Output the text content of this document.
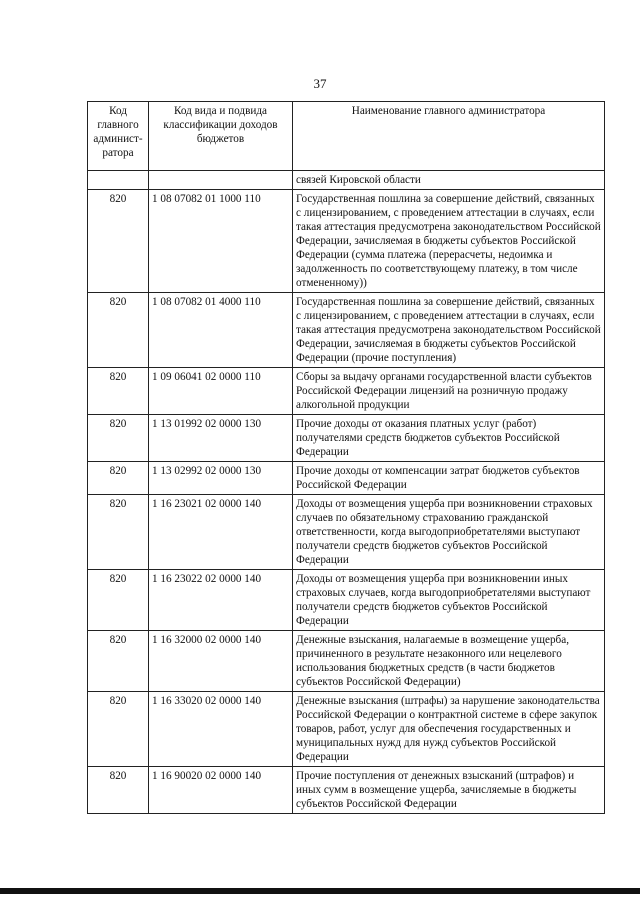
37
Код главного админист-ратора	Код вида и подвида классификации доходов бюджетов	Наименование главного администратора
		связей Кировской области
820	1 08 07082 01 1000 110	Государственная пошлина за совершение действий, связанных с лицензированием, с проведением аттестации в случаях, если такая аттестация предусмотрена законодательством Российской Федерации, зачисляемая в бюджеты субъектов Российской Федерации (сумма платежа (перерасчеты, недоимка и задолженность по соответствующему платежу, в том числе отмененному))
820	1 08 07082 01 4000 110	Государственная пошлина за совершение действий, связанных с лицензированием, с проведением аттестации в случаях, если такая аттестация предусмотрена законодательством Российской Федерации, зачисляемая в бюджеты субъектов Российской Федерации (прочие поступления)
820	1 09 06041 02 0000 110	Сборы за выдачу органами государственной власти субъектов Российской Федерации лицензий на розничную продажу алкогольной продукции
820	1 13 01992 02 0000 130	Прочие доходы от оказания платных услуг (работ) получателями средств бюджетов субъектов Российской Федерации
820	1 13 02992 02 0000 130	Прочие доходы от компенсации затрат бюджетов субъектов Российской Федерации
820	1 16 23021 02 0000 140	Доходы от возмещения ущерба при возникновении страховых случаев по обязательному страхованию гражданской ответственности, когда выгодоприобретателями выступают получатели средств бюджетов субъектов Российской Федерации
820	1 16 23022 02 0000 140	Доходы от возмещения ущерба при возникновении иных страховых случаев, когда выгодоприобретателями выступают получатели средств бюджетов субъектов Российской Федерации
820	1 16 32000 02 0000 140	Денежные взыскания, налагаемые в возмещение ущерба, причиненного в результате незаконного или нецелевого использования бюджетных средств (в части бюджетов субъектов Российской Федерации)
820	1 16 33020 02 0000 140	Денежные взыскания (штрафы) за нарушение законодательства Российской Федерации о контрактной системе в сфере закупок товаров, работ, услуг для обеспечения государственных и муниципальных нужд для нужд субъектов Российской Федерации
820	1 16 90020 02 0000 140	Прочие поступления от денежных взысканий (штрафов) и иных сумм в возмещение ущерба, зачисляемые в бюджеты субъектов Российской Федерации
